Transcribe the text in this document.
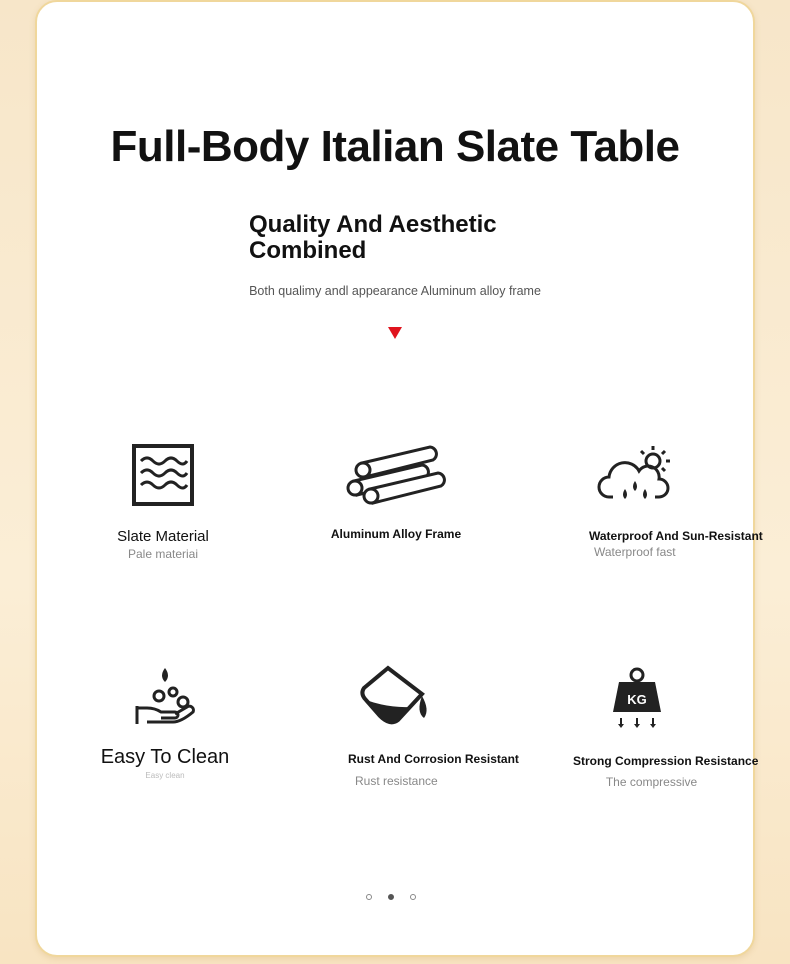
Full-Body Italian Slate Table
Quality And Aesthetic Combined
Both qualimy andl appearance Aluminum alloy frame
Slate Material
Pale materiai
Aluminum Alloy Frame	Waterproof And Sun-Resistant
Waterproof fast
Easy To Clean
Easy clean
Rust And Corrosion Resistant
Rust resistance
KG
Strong Compression Resistance
The compressive
